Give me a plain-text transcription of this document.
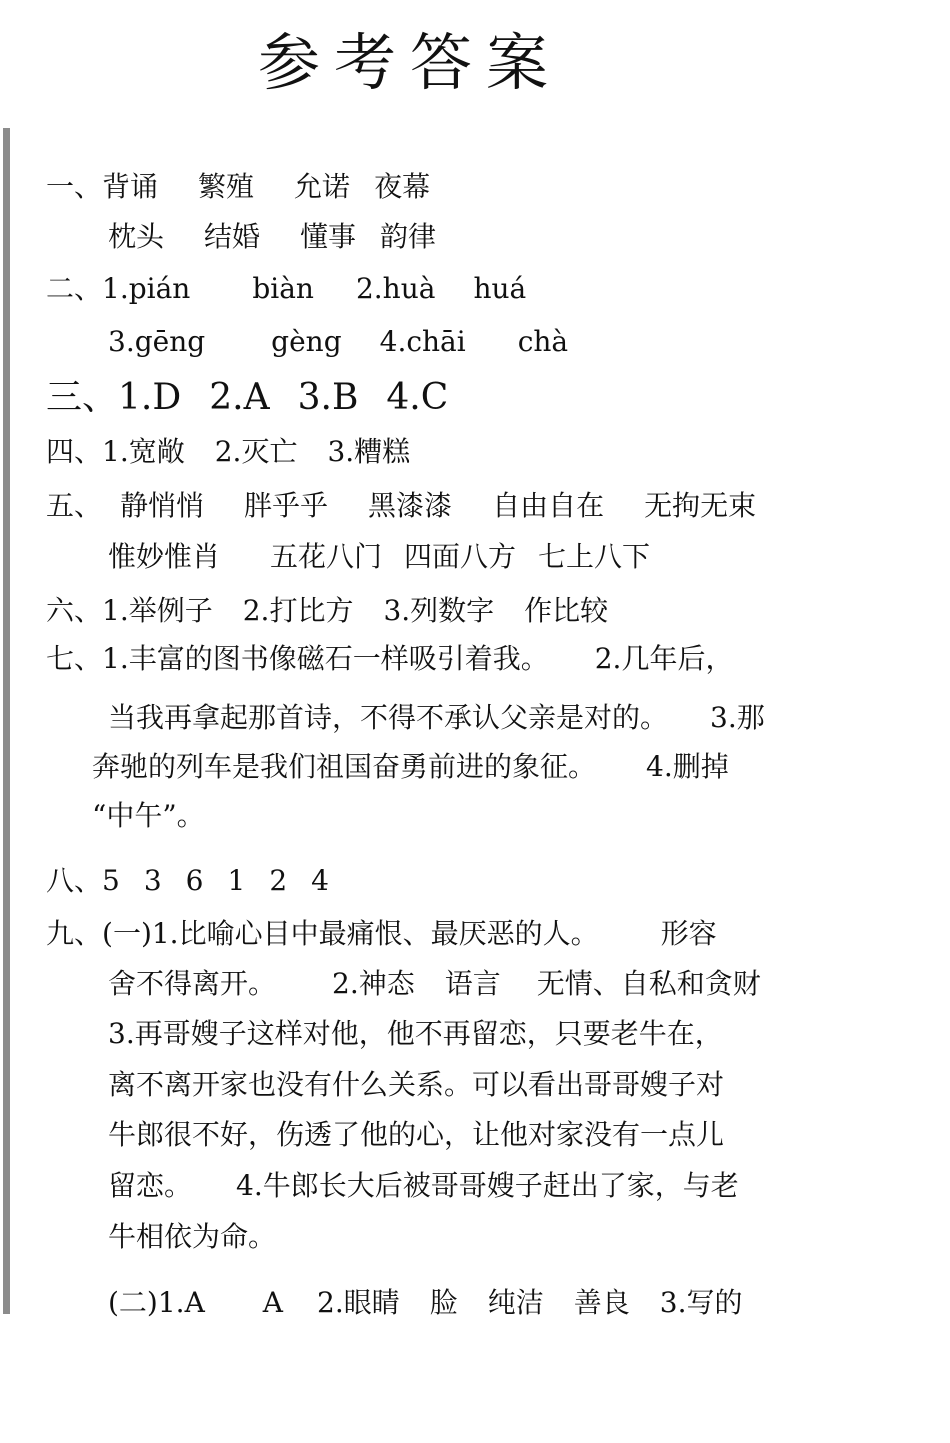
参考答案
一、背诵 繁殖 允诺 夜幕
枕头 结婚 懂事 韵律
二、1.pián biàn 2.huà huá
3.gēng gèng 4.chāi chà
三、1.D 2.A 3.B 4.C
四、1.宽敞 2.灭亡 3.糟糕
五、 静悄悄 胖乎乎 黑漆漆 自由自在 无拘无束
惟妙惟肖 五花八门 四面八方 七上八下
六、1.举例子 2.打比方 3.列数字 作比较
七、1.丰富的图书像磁石一样吸引着我。 2.几年后，
当我再拿起那首诗，不得不承认父亲是对的。 3.那
奔驰的列车是我们祖国奋勇前进的象征。 4.删掉
“中午”。
八、5 3 6 1 2 4
九、(一)1.比喻心目中最痛恨、最厌恶的人。 形容
舍不得离开。 2.神态 语言 无情、自私和贪财
3.再哥嫂子这样对他，他不再留恋，只要老牛在，
离不离开家也没有什么关系。可以看出哥哥嫂子对
牛郎很不好，伤透了他的心，让他对家没有一点儿
留恋。 4.牛郎长大后被哥哥嫂子赶出了家，与老
牛相依为命。
(二)1.A A 2.眼睛 脸 纯洁 善良 3.写的
